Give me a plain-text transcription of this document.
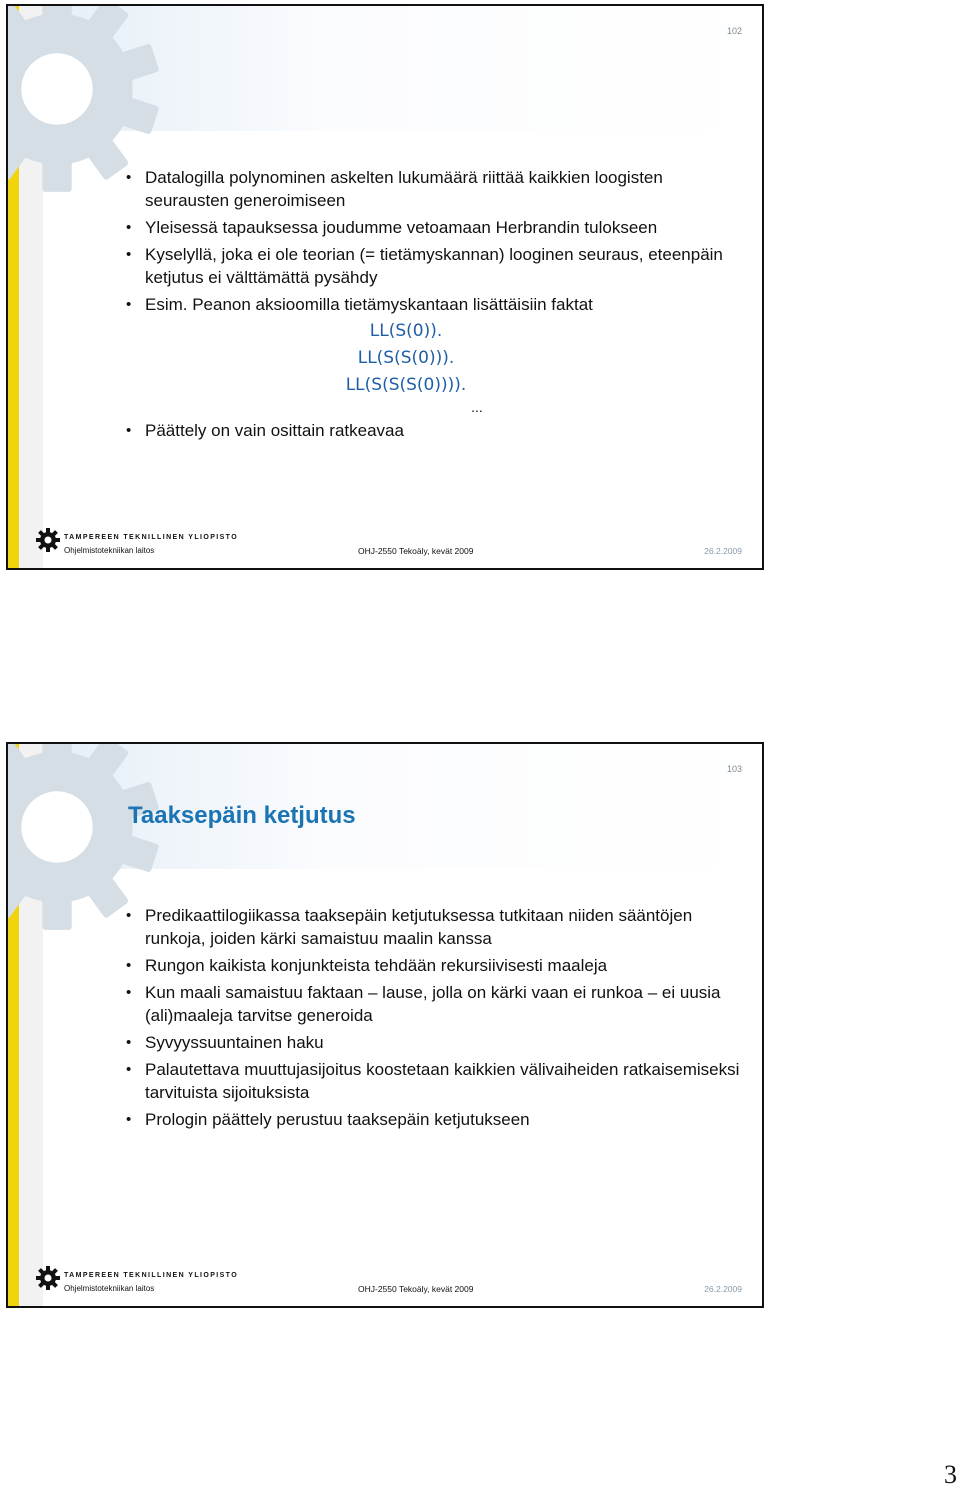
102
• Datalogilla polynominen askelten lukumäärä riittää kaikkien loogisten seurausten generoimiseen
• Yleisessä tapauksessa joudumme vetoamaan Herbrandin tulokseen
• Kyselyllä, joka ei ole teorian (= tietämyskannan) looginen seuraus, eteenpäin ketjutus ei välttämättä pysähdy
• Esim. Peanon aksioomilla tietämyskantaan lisättäisiin faktat
LL(S(0)).
LL(S(S(0))).
LL(S(S(S(0)))).
...
• Päättely on vain osittain ratkeavaa
TAMPEREEN TEKNILLINEN YLIOPISTO
Ohjelmistotekniikan laitos	OHJ-2550 Tekoäly, kevät 2009	26.2.2009
103
Taaksepäin ketjutus
• Predikaattilogiikassa taaksepäin ketjutuksessa tutkitaan niiden sääntöjen runkoja, joiden kärki samaistuu maalin kanssa
• Rungon kaikista konjunkteista tehdään rekursiivisesti maaleja
• Kun maali samaistuu faktaan – lause, jolla on kärki vaan ei runkoa – ei uusia (ali)maaleja tarvitse generoida
• Syvyyssuuntainen haku
• Palautettava muuttujasijoitus koostetaan kaikkien välivaiheiden ratkaisemiseksi tarvituista sijoituksista
• Prologin päättely perustuu taaksepäin ketjutukseen
TAMPEREEN TEKNILLINEN YLIOPISTO
Ohjelmistotekniikan laitos	OHJ-2550 Tekoäly, kevät 2009	26.2.2009
3
